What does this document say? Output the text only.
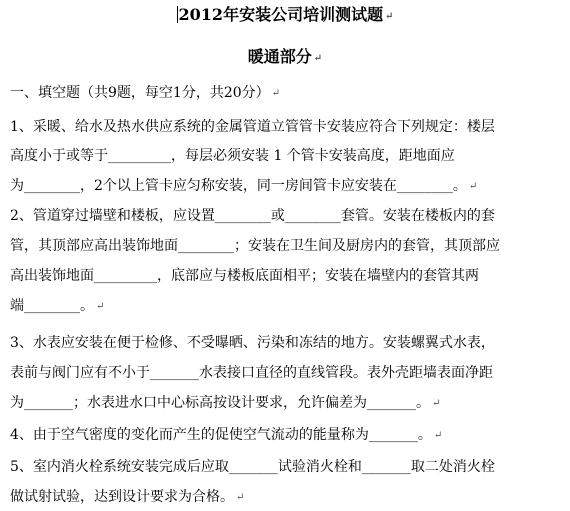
2012年安装公司培训测试题 ↵
暖通部分 ↵
一、填空题（共9题，每空1分，共20分） ↵
1、采暖、给水及热水供应系统的金属管道立管管卡安装应符合下列规定：楼层
高度小于或等于_________，每层必须安装 1 个管卡安装高度，距地面应
为________，2个以上管卡应匀称安装，同一房间管卡应安装在________。 ↵
2、管道穿过墙壁和楼板，应设置________或________套管。安装在楼板内的套
管，其顶部应高出装饰地面________；安装在卫生间及厨房内的套管，其顶部应
高出装饰地面_________，底部应与楼板底面相平；安装在墙壁内的套管其两
端________。 ↵
3、水表应安装在便于检修、不受曝晒、污染和冻结的地方。安装螺翼式水表，
表前与阀门应有不小于_______水表接口直径的直线管段。表外壳距墙表面净距
为_______；水表进水口中心标高按设计要求，允许偏差为_______。 ↵
4、由于空气密度的变化而产生的促使空气流动的能量称为_______。 ↵
5、室内消火栓系统安装完成后应取_______试验消火栓和_______取二处消火栓
做试射试验，达到设计要求为合格。 ↵
